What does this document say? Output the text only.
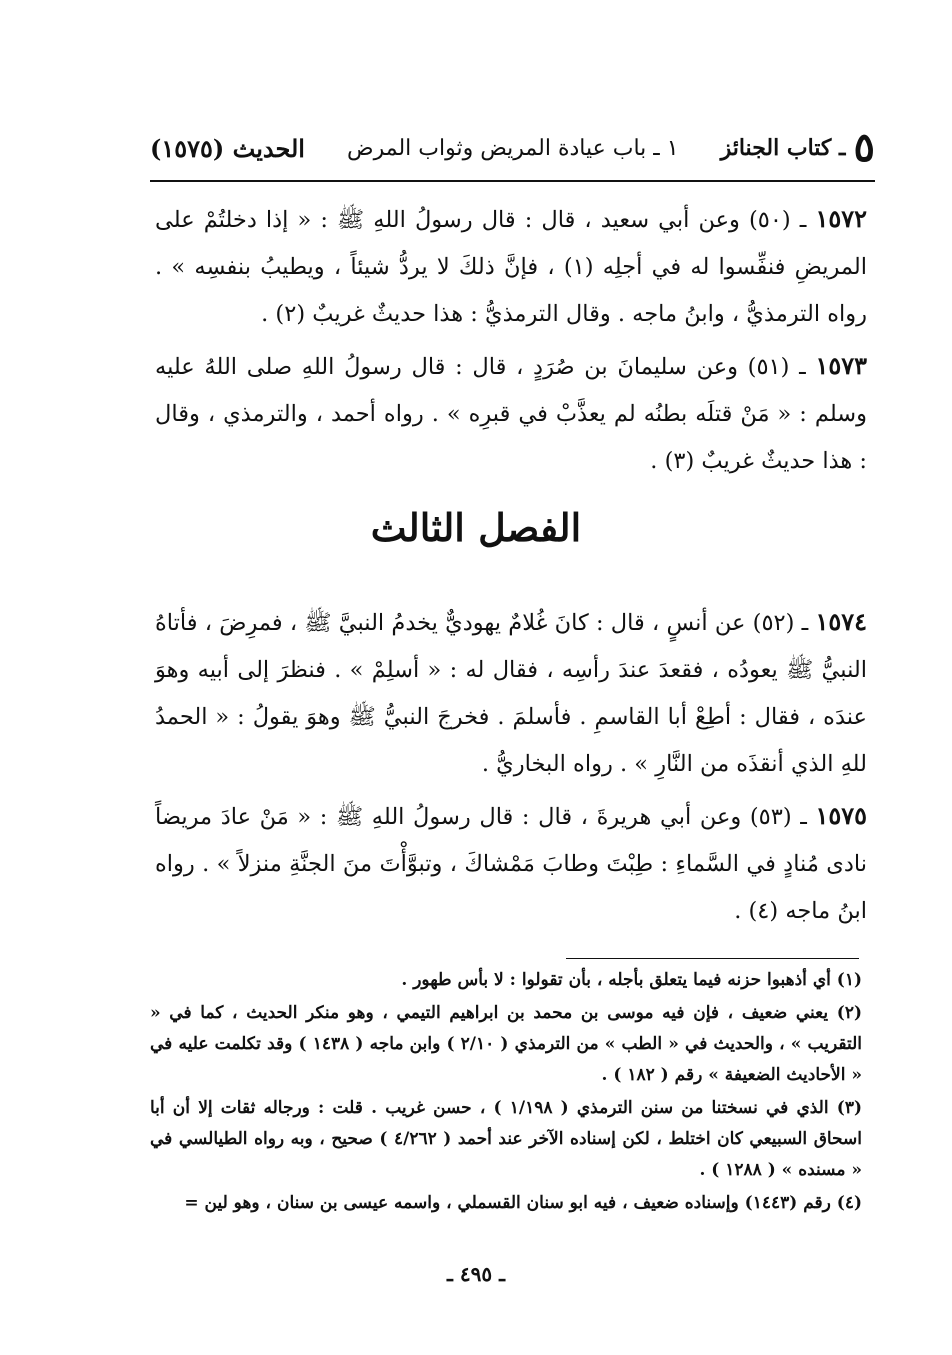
٥
ـ كتاب الجنائز
١ ـ باب عيادة المريض وثواب المرض
الحديث (١٥٧٥)

١٥٧٢ ـ (٥٠) وعن أبي سعيد ، قال : قال رسولُ اللهِ ﷺ : « إذا دخلتُمْ على المريضِ فنفِّسوا له في أجلِه (١) ، فإنَّ ذلكَ لا يردُّ شيئاً ، ويطيبُ بنفسِه » . رواه الترمذيُّ ، وابنُ ماجه . وقال الترمذيُّ : هذا حديثٌ غريبٌ (٢) .

١٥٧٣ ـ (٥١) وعن سليمانَ بن صُرَدٍ ، قال : قال رسولُ اللهِ صلى اللهُ عليه وسلم : « مَنْ قتلَه بطنُه لم يعذَّبْ في قبرِه » . رواه أحمد ، والترمذي ، وقال : هذا حديثٌ غريبٌ (٣) .

الفصل الثالث

١٥٧٤ ـ (٥٢) عن أنسٍ ، قال : كانَ غُلامٌ يهوديٌّ يخدمُ النبيَّ ﷺ ، فمرِضَ ، فأتاهُ النبيُّ ﷺ يعودُه ، فقعدَ عندَ رأسِه ، فقال له : « أسلِمْ » . فنظرَ إلى أبيه وهوَ عندَه ، فقال : أطِعْ أبا القاسمِ . فأسلمَ . فخرجَ النبيُّ ﷺ وهوَ يقولُ : « الحمدُ للهِ الذي أنقذَه من النَّارِ » . رواه البخاريُّ .

١٥٧٥ ـ (٥٣) وعن أبي هريرةَ ، قال : قال رسولُ اللهِ ﷺ : « مَنْ عادَ مريضاً نادى مُنادٍ في السَّماءِ : طِبْتَ وطابَ مَمْشاكَ ، وتبوَّأْتَ منَ الجنَّةِ منزلاً » . رواه ابنُ ماجه (٤) .

(١) أي أذهبوا حزنه فيما يتعلق بأجله ، بأن تقولوا : لا بأس طهور .

(٢) يعني ضعيف ، فإن فيه موسى بن محمد بن ابراهيم التيمي ، وهو منكر الحديث ، كما في « التقريب » ، والحديث في « الطب » من الترمذي ( ٢/١٠ ) وابن ماجه ( ١٤٣٨ ) وقد تكلمت عليه في « الأحاديث الضعيفة » رقم ( ١٨٢ ) .

(٣) الذي في نسختنا من سنن الترمذي ( ١/١٩٨ ) ، حسن غريب . قلت : ورجاله ثقات إلا أن أبا اسحاق السبيعي كان اختلط ، لكن إسناده الآخر عند أحمد ( ٤/٢٦٢ ) صحيح ، وبه رواه الطيالسي في « مسنده » ( ١٢٨٨ ) .

(٤) رقم (١٤٤٣) وإسناده ضعيف ، فيه ابو سنان القسملي ، واسمه عيسى بن سنان ، وهو لين =

ـ ٤٩٥ ـ
